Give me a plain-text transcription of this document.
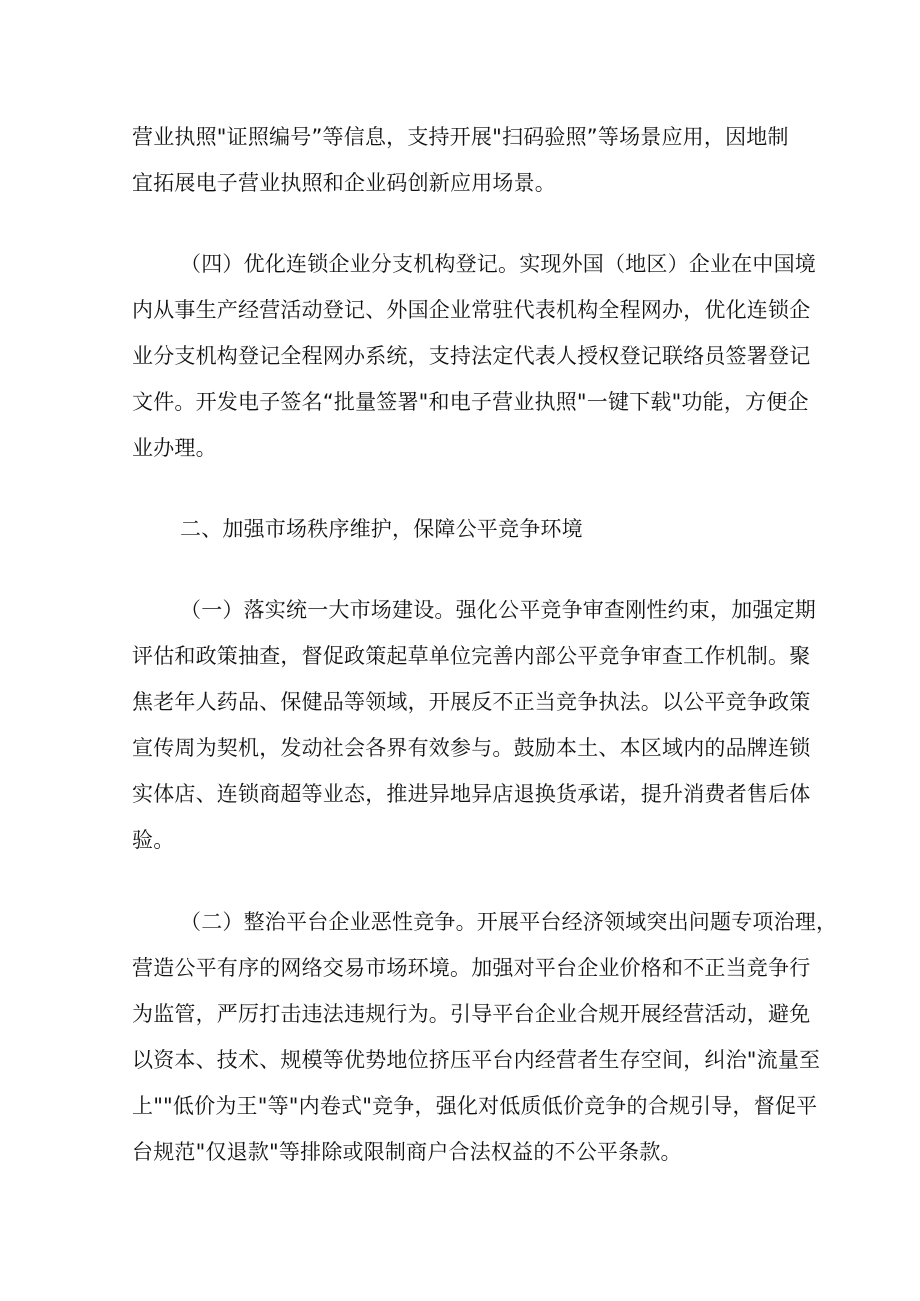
营业执照"证照编号”等信息，支持开展"扫码验照”等场景应用，因地制
宜拓展电子营业执照和企业码创新应用场景。
（四）优化连锁企业分支机构登记。实现外国（地区）企业在中国境
内从事生产经营活动登记、外国企业常驻代表机构全程网办，优化连锁企
业分支机构登记全程网办系统，支持法定代表人授权登记联络员签署登记
文件。开发电子签名“批量签署"和电子营业执照"一键下载"功能，方便企
业办理。
二、加强市场秩序维护，保障公平竞争环境
（一）落实统一大市场建设。强化公平竞争审查刚性约束，加强定期
评估和政策抽查，督促政策起草单位完善内部公平竞争审查工作机制。聚
焦老年人药品、保健品等领域，开展反不正当竞争执法。以公平竞争政策
宣传周为契机，发动社会各界有效参与。鼓励本土、本区域内的品牌连锁
实体店、连锁商超等业态，推进异地异店退换货承诺，提升消费者售后体
验。
（二）整治平台企业恶性竞争。开展平台经济领域突出问题专项治理，
营造公平有序的网络交易市场环境。加强对平台企业价格和不正当竞争行
为监管，严厉打击违法违规行为。引导平台企业合规开展经营活动，避免
以资本、技术、规模等优势地位挤压平台内经营者生存空间，纠治"流量至
上""低价为王"等"内卷式"竞争，强化对低质低价竞争的合规引导，督促平
台规范"仅退款"等排除或限制商户合法权益的不公平条款。
